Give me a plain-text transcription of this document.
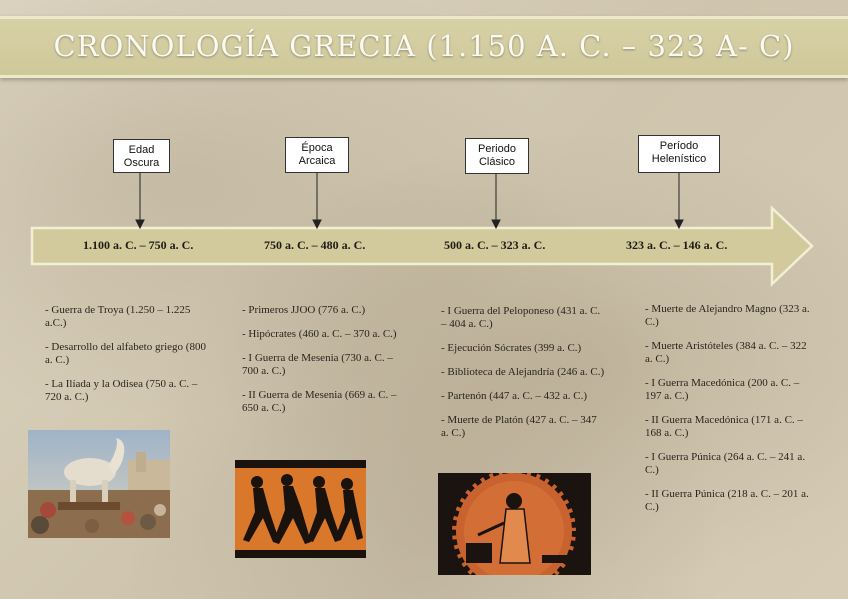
CRONOLOGÍA GRECIA (1.150 A. C. – 323 A- C)
Edad
Oscura
Época
Arcaica
Periodo
Clásico
Período
Helenístico
1.100 a. C. – 750 a. C.	750 a. C. – 480 a. C.	500 a. C. – 323 a. C.	323 a. C. – 146 a. C.

- Guerra de Troya (1.250 – 1.225 a.C.)

- Desarrollo del alfabeto griego (800 a. C.)

- La Ilíada y la Odisea (750 a. C. – 720 a. C.)

- Primeros JJOO (776 a. C.)

- Hipócrates (460 a. C. – 370 a. C.)

- I Guerra de Mesenia (730 a. C. – 700 a. C.)

- II Guerra de Mesenia (669 a. C. – 650 a. C.)

- I Guerra del Peloponeso (431 a. C. – 404 a. C.)

- Ejecución Sócrates (399 a. C.)

- Biblioteca de Alejandría (246 a. C.)

- Partenón (447 a. C. – 432 a. C.)

- Muerte de Platón (427 a. C. – 347 a. C.)

- Muerte de Alejandro Magno (323 a. C.)

- Muerte Aristóteles (384 a. C. – 322 a. C.)

- I Guerra Macedónica (200 a. C. – 197 a. C.)

- II Guerra Macedónica (171 a. C. – 168 a. C.)

- I Guerra Púnica (264 a. C. – 241 a. C.)

- II Guerra Púnica (218 a. C. – 201 a. C.)
